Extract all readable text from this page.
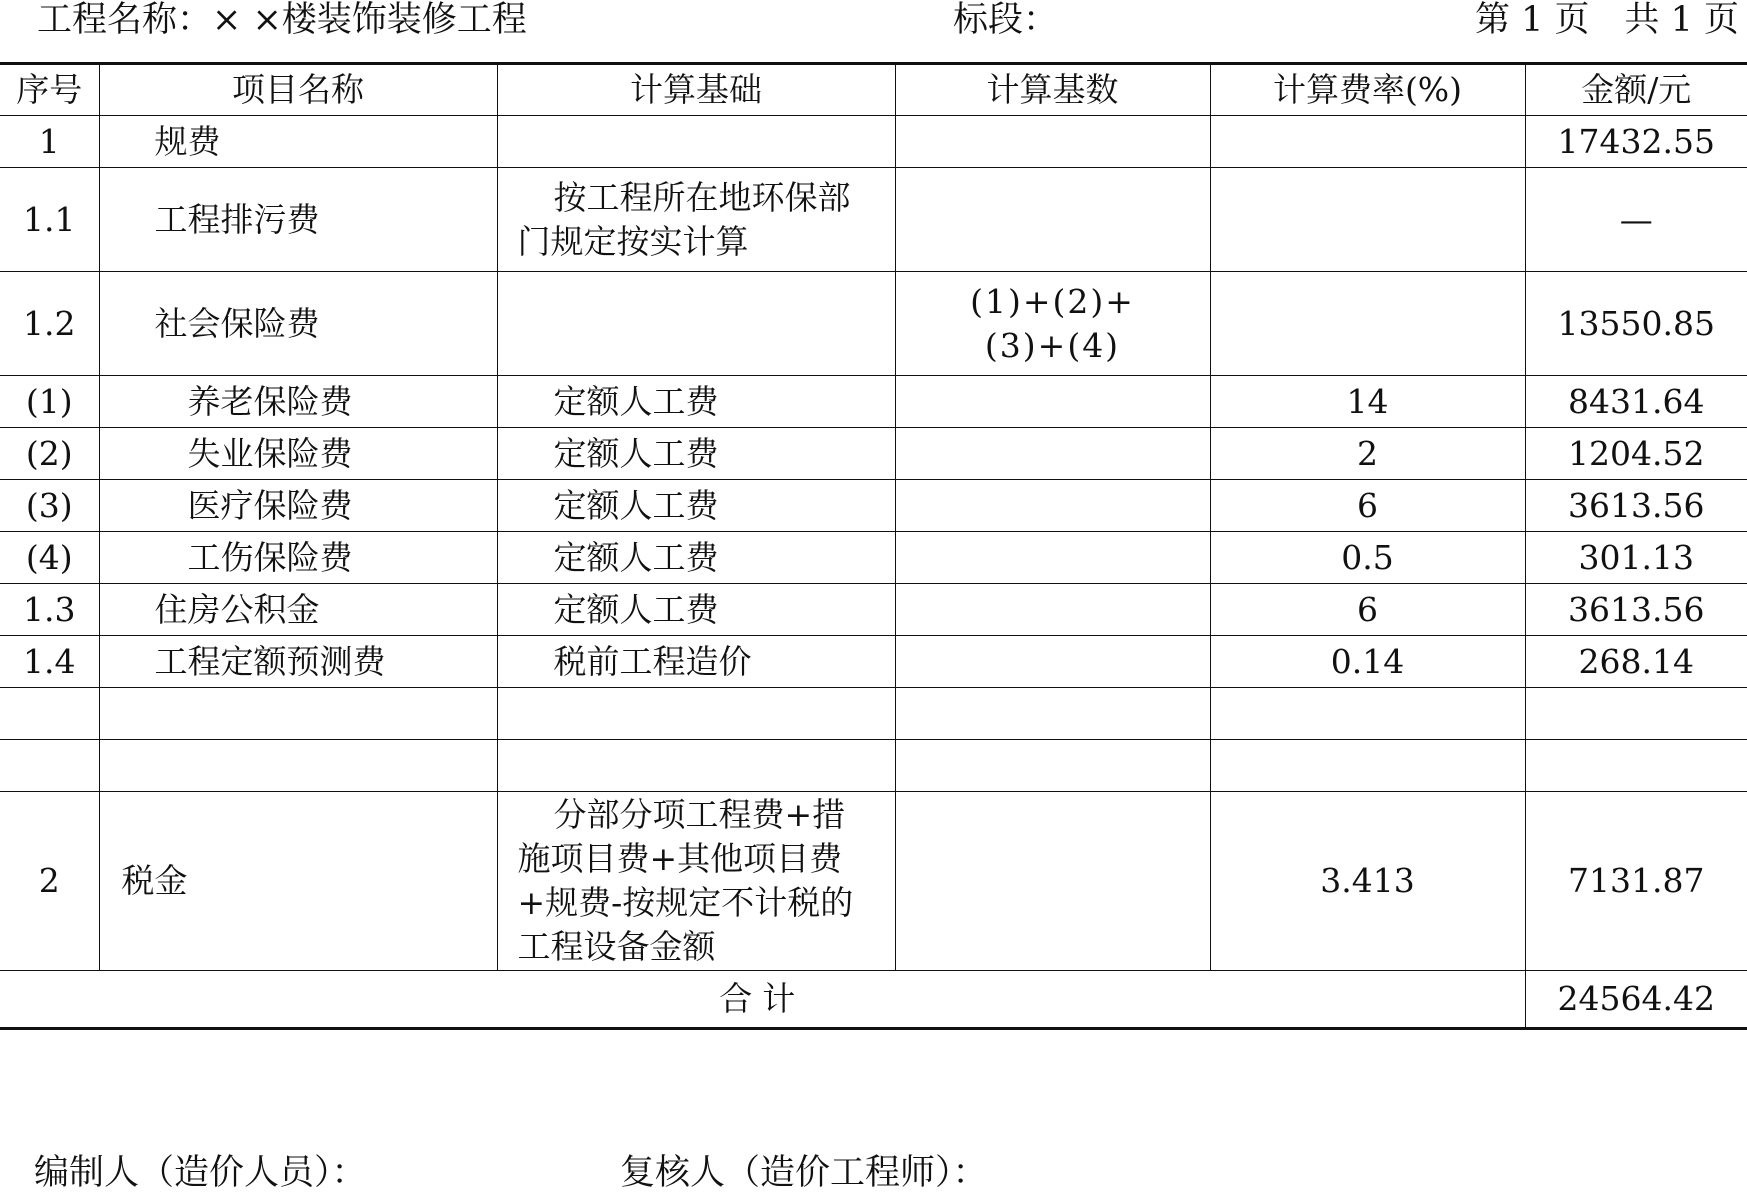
工程名称：× ×楼装饰装修工程	标段：	第 1 页　共 1 页
序号	项目名称	计算基础	计算基数	计算费率(%)	金额/元
1	规费				17432.55
1.1	工程排污费	按工程所在地环保部门规定按实计算			—
1.2	社会保险费		(1)+(2)+(3)+(4)		13550.85
(1)	养老保险费	定额人工费		14	8431.64
(2)	失业保险费	定额人工费		2	1204.52
(3)	医疗保险费	定额人工费		6	3613.56
(4)	工伤保险费	定额人工费		0.5	301.13
1.3	住房公积金	定额人工费		6	3613.56
1.4	工程定额预测费	税前工程造价		0.14	268.14

2	税金	分部分项工程费+措施项目费+其他项目费+规费-按规定不计税的工程设备金额		3.413	7131.87
合计					24564.42
编制人（造价人员）：	复核人（造价工程师）：
